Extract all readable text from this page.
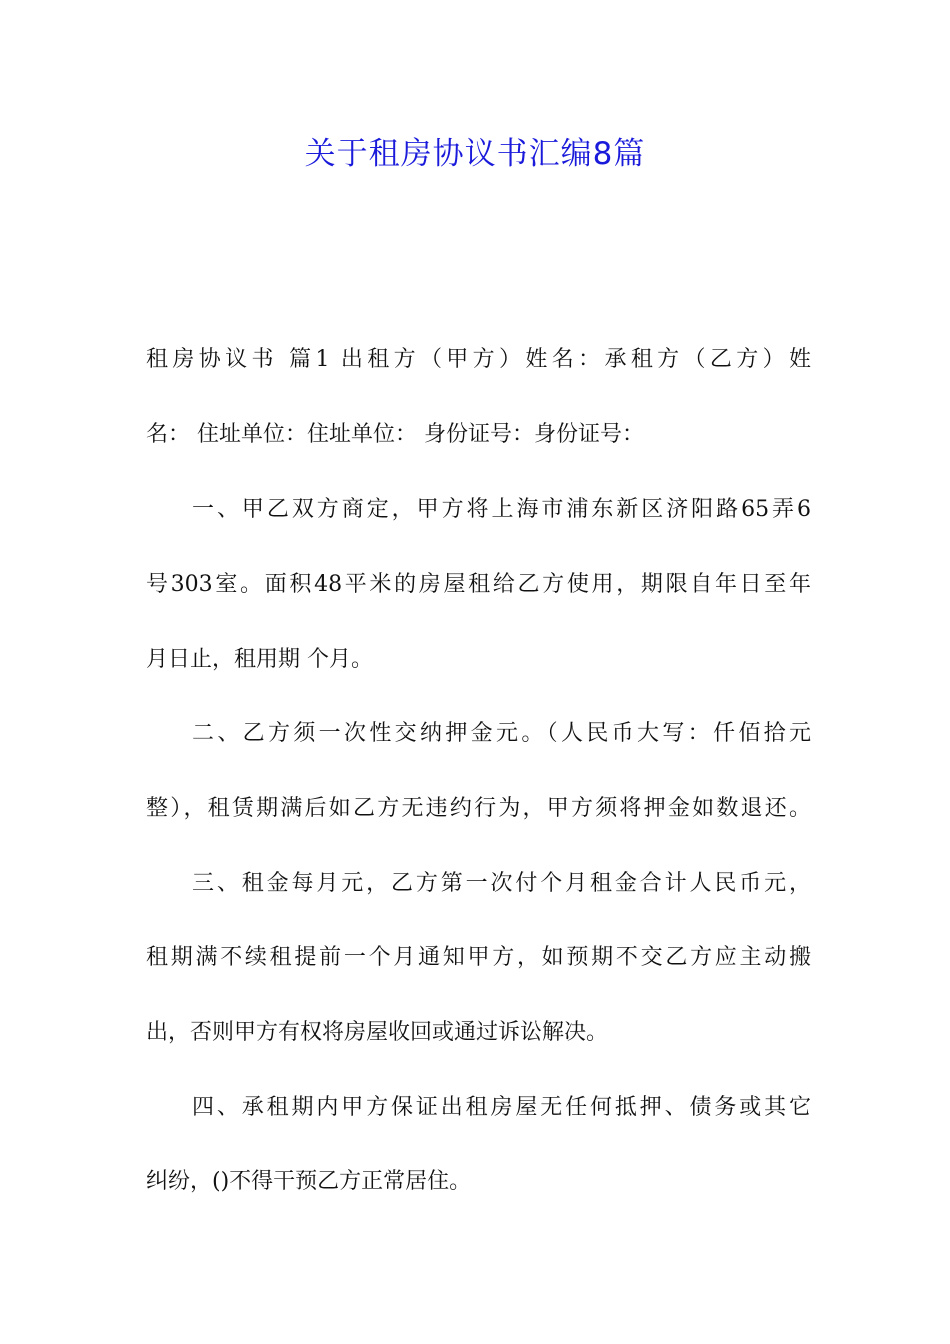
关于租房协议书汇编8篇

租房协议书 篇1 出租方（甲方）姓名：承租方（乙方）姓

名： 住址单位：住址单位： 身份证号：身份证号：

一、甲乙双方商定，甲方将上海市浦东新区济阳路65弄6

号303室。面积48平米的房屋租给乙方使用，期限自年日至年

月日止，租用期 个月。

二、乙方须一次性交纳押金元。（人民币大写：仟佰拾元

整），租赁期满后如乙方无违约行为，甲方须将押金如数退还。

三、租金每月元，乙方第一次付个月租金合计人民币元，

租期满不续租提前一个月通知甲方，如预期不交乙方应主动搬

出，否则甲方有权将房屋收回或通过诉讼解决。

四、承租期内甲方保证出租房屋无任何抵押、债务或其它

纠纷，()不得干预乙方正常居住。
